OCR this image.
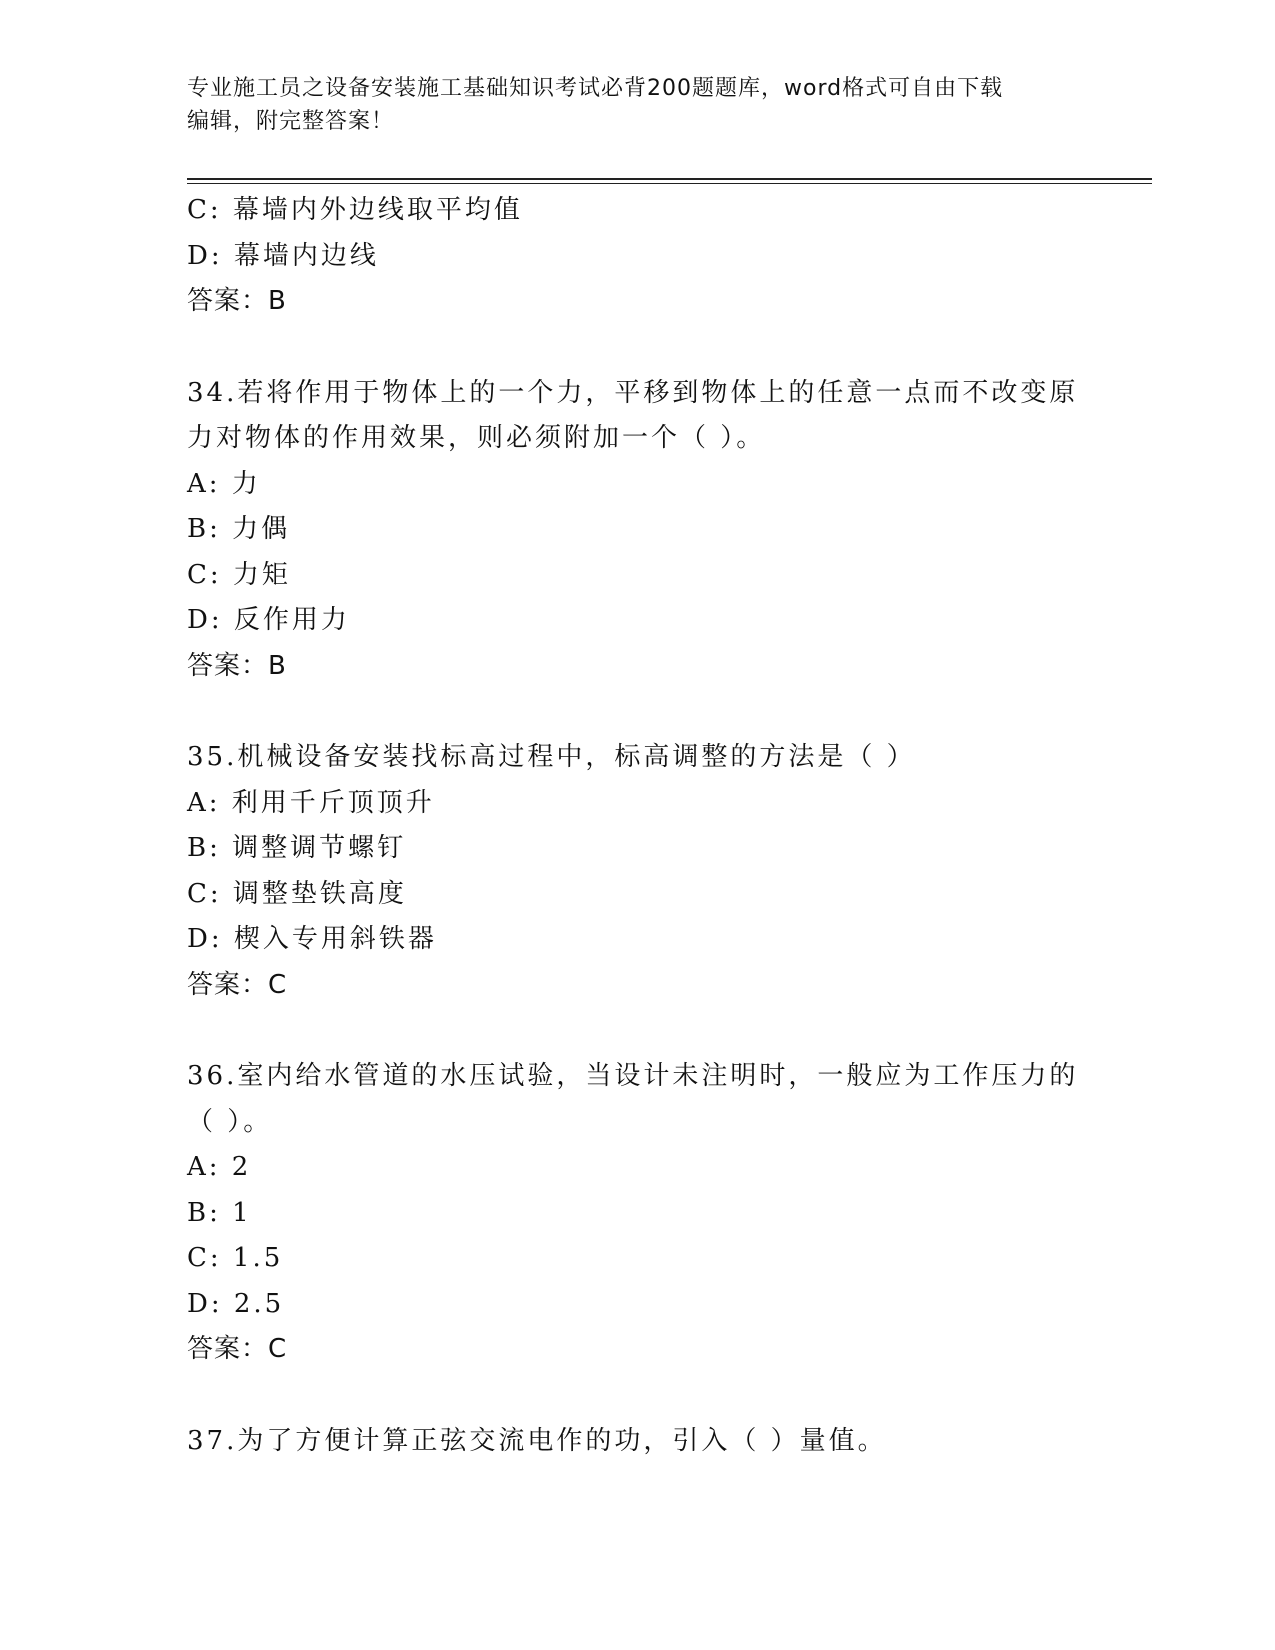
专业施工员之设备安装施工基础知识考试必背200题题库，word格式可自由下载
编辑，附完整答案！
C: 幕墙内外边线取平均值
D: 幕墙内边线
答案：B
34.若将作用于物体上的一个力，平移到物体上的任意一点而不改变原
力对物体的作用效果，则必须附加一个（ ）。
A: 力
B: 力偶
C: 力矩
D: 反作用力
答案：B
35.机械设备安装找标高过程中，标高调整的方法是（ ）
A: 利用千斤顶顶升
B: 调整调节螺钉
C: 调整垫铁高度
D: 楔入专用斜铁器
答案：C
36.室内给水管道的水压试验，当设计未注明时，一般应为工作压力的
（ ）。
A: 2
B: 1
C: 1.5
D: 2.5
答案：C
37.为了方便计算正弦交流电作的功，引入（ ）量值。
